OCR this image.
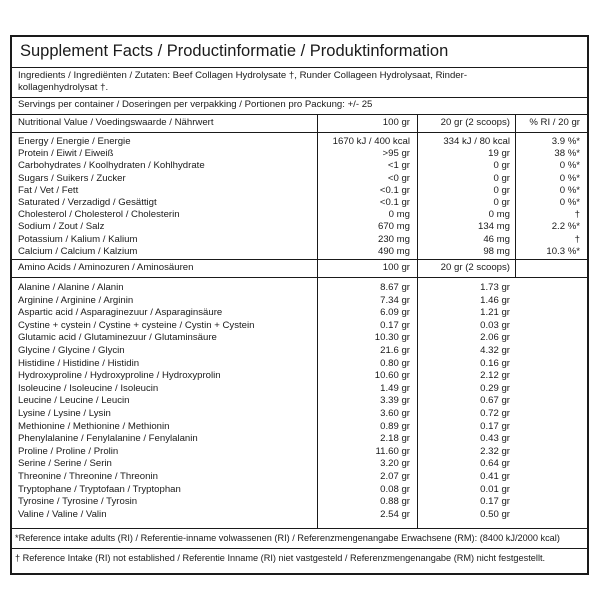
Supplement Facts / Productinformatie / Produktinformation
Ingredients / Ingrediënten / Zutaten: Beef Collagen Hydrolysate †, Runder Collageen Hydrolysaat, Rinder-
kollagenhydrolysat †.
Servings per container / Doseringen per verpakking / Portionen pro Packung: +/- 25
Nutritional Value / Voedingswaarde / Nährwert	100 gr	20 gr (2 scoops)	% RI / 20 gr
Energy / Energie / Energie	1670 kJ / 400 kcal	334 kJ / 80 kcal	3.9 %*
Protein / Eiwit / Eiweiß	>95 gr	19 gr	38 %*
Carbohydrates / Koolhydraten / Kohlhydrate	<1 gr	0 gr	0 %*
Sugars / Suikers / Zucker	<0 gr	0 gr	0 %*
Fat / Vet / Fett	<0.1 gr	0 gr	0 %*
Saturated / Verzadigd / Gesättigt	<0.1 gr	0 gr	0 %*
Cholesterol / Cholesterol / Cholesterin	0 mg	0 mg	†
Sodium / Zout / Salz	670 mg	134 mg	2.2 %*
Potassium / Kalium / Kalium	230 mg	46 mg	†
Calcium / Calcium / Kalzium	490 mg	98 mg	10.3 %*
Amino Acids / Aminozuren / Aminosäuren	100 gr	20 gr (2 scoops)
Alanine / Alanine / Alanin	8.67 gr	1.73 gr
Arginine / Arginine / Arginin	7.34 gr	1.46 gr
Aspartic acid / Asparaginezuur / Asparaginsäure	6.09 gr	1.21 gr
Cystine + cystein / Cystine + cysteine / Cystin + Cystein	0.17 gr	0.03 gr
Glutamic acid / Glutaminezuur / Glutaminsäure	10.30 gr	2.06 gr
Glycine / Glycine / Glycin	21.6 gr	4.32 gr
Histidine / Histidine / Histidin	0.80 gr	0.16 gr
Hydroxyproline / Hydroxyproline / Hydroxyprolin	10.60 gr	2.12 gr
Isoleucine / Isoleucine / Isoleucin	1.49 gr	0.29 gr
Leucine / Leucine / Leucin	3.39 gr	0.67 gr
Lysine / Lysine / Lysin	3.60 gr	0.72 gr
Methionine / Methionine / Methionin	0.89 gr	0.17 gr
Phenylalanine / Fenylalanine / Fenylalanin	2.18 gr	0.43 gr
Proline / Proline / Prolin	11.60 gr	2.32 gr
Serine / Serine / Serin	3.20 gr	0.64 gr
Threonine / Threonine / Threonin	2.07 gr	0.41 gr
Tryptophane / Tryptofaan / Tryptophan	0.08 gr	0.01 gr
Tyrosine / Tyrosine / Tyrosin	0.88 gr	0.17 gr
Valine / Valine / Valin	2.54 gr	0.50 gr
*Reference intake adults (RI) / Referentie-inname volwassenen (RI) / Referenzmengenangabe Erwachsene (RM): (8400 kJ/2000 kcal)
† Reference Intake (RI) not established / Referentie Inname (RI) niet vastgesteld / Referenzmengenangabe (RM) nicht festgestellt.
